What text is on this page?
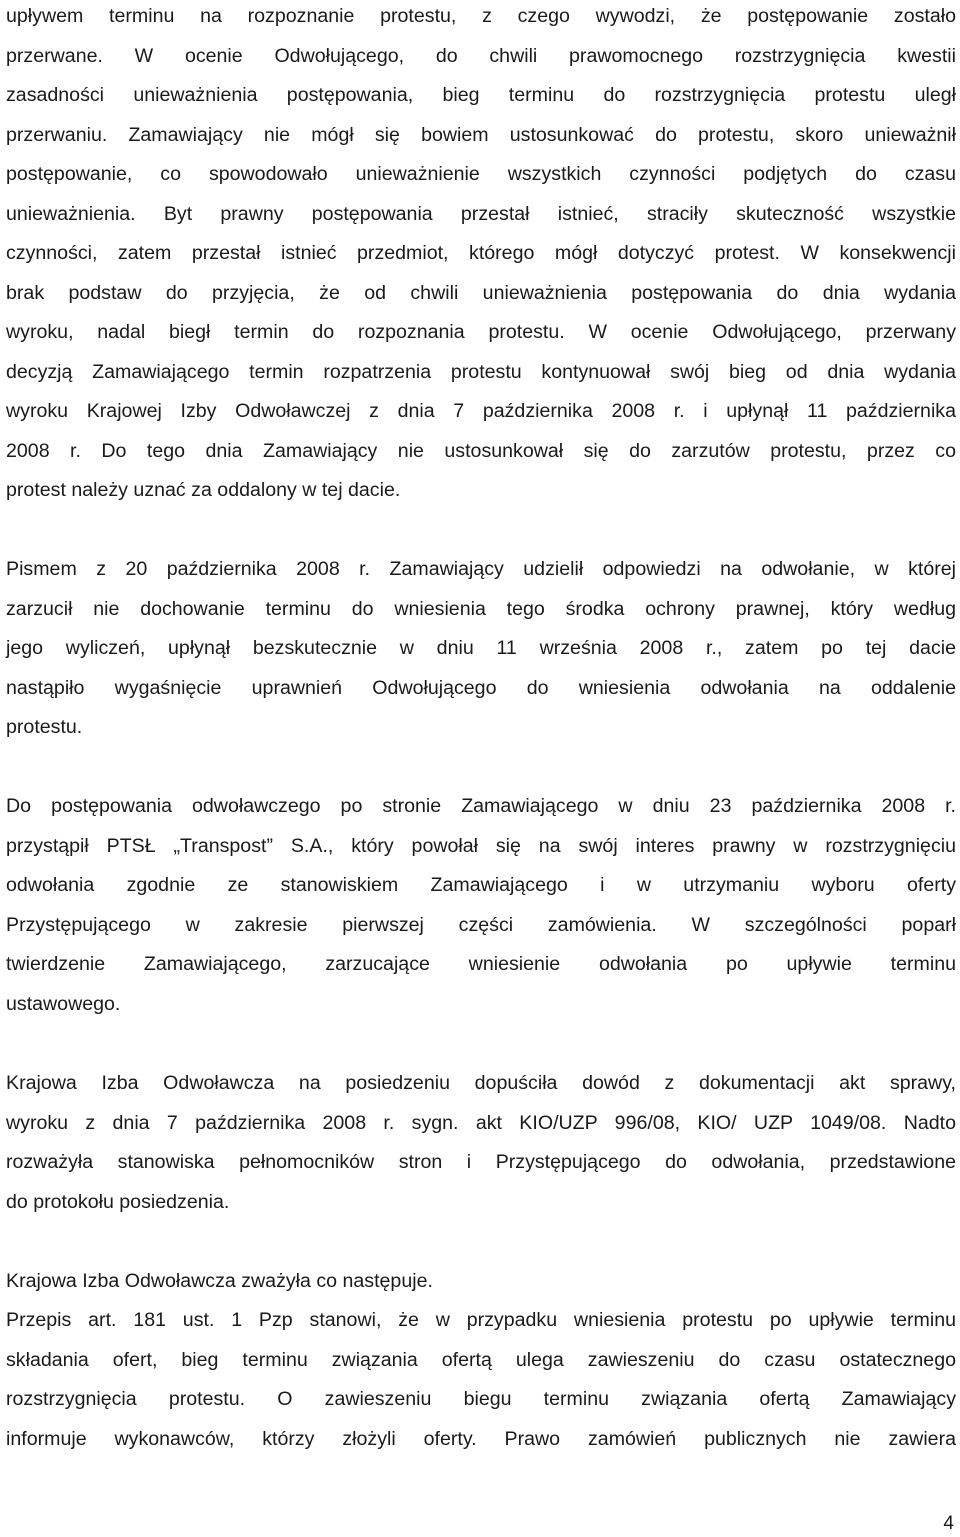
upływem terminu na rozpoznanie protestu, z czego wywodzi, że postępowanie zostało
przerwane. W ocenie Odwołującego, do chwili prawomocnego rozstrzygnięcia kwestii
zasadności unieważnienia postępowania, bieg terminu do rozstrzygnięcia protestu uległ
przerwaniu. Zamawiający nie mógł się bowiem ustosunkować do protestu, skoro unieważnił
postępowanie, co spowodowało unieważnienie wszystkich czynności podjętych do czasu
unieważnienia. Byt prawny postępowania przestał istnieć, straciły skuteczność wszystkie
czynności, zatem przestał istnieć przedmiot, którego mógł dotyczyć protest. W konsekwencji
brak podstaw do przyjęcia, że od chwili unieważnienia postępowania do dnia wydania
wyroku, nadal biegł termin do rozpoznania protestu. W ocenie Odwołującego, przerwany
decyzją Zamawiającego termin rozpatrzenia protestu kontynuował swój bieg od dnia wydania
wyroku Krajowej Izby Odwoławczej z dnia 7 października 2008 r. i upłynął 11 października
2008 r. Do tego dnia Zamawiający nie ustosunkował się do zarzutów protestu, przez co
protest należy uznać za oddalony w tej dacie.
Pismem z 20 października 2008 r. Zamawiający udzielił odpowiedzi na odwołanie, w której
zarzucił nie dochowanie terminu do wniesienia tego środka ochrony prawnej, który według
jego wyliczeń, upłynął bezskutecznie w dniu 11 września 2008 r., zatem po tej dacie
nastąpiło wygaśnięcie uprawnień Odwołującego do wniesienia odwołania na oddalenie
protestu.
Do postępowania odwoławczego po stronie Zamawiającego w dniu 23 października 2008 r.
przystąpił PTSŁ „Transpost” S.A., który powołał się na swój interes prawny w rozstrzygnięciu
odwołania zgodnie ze stanowiskiem Zamawiającego i w utrzymaniu wyboru oferty
Przystępującego w zakresie pierwszej części zamówienia. W szczególności poparł
twierdzenie Zamawiającego, zarzucające wniesienie odwołania po upływie terminu
ustawowego.
Krajowa Izba Odwoławcza na posiedzeniu dopuściła dowód z dokumentacji akt sprawy,
wyroku z dnia 7 października 2008 r. sygn. akt KIO/UZP 996/08, KIO/ UZP 1049/08. Nadto
rozważyła stanowiska pełnomocników stron i Przystępującego do odwołania, przedstawione
do protokołu posiedzenia.
Krajowa Izba Odwoławcza zważyła co następuje.
Przepis art. 181 ust. 1 Pzp stanowi, że w przypadku wniesienia protestu po upływie terminu
składania ofert, bieg terminu związania ofertą ulega zawieszeniu do czasu ostatecznego
rozstrzygnięcia protestu. O zawieszeniu biegu terminu związania ofertą Zamawiający
informuje wykonawców, którzy złożyli oferty. Prawo zamówień publicznych nie zawiera
4
